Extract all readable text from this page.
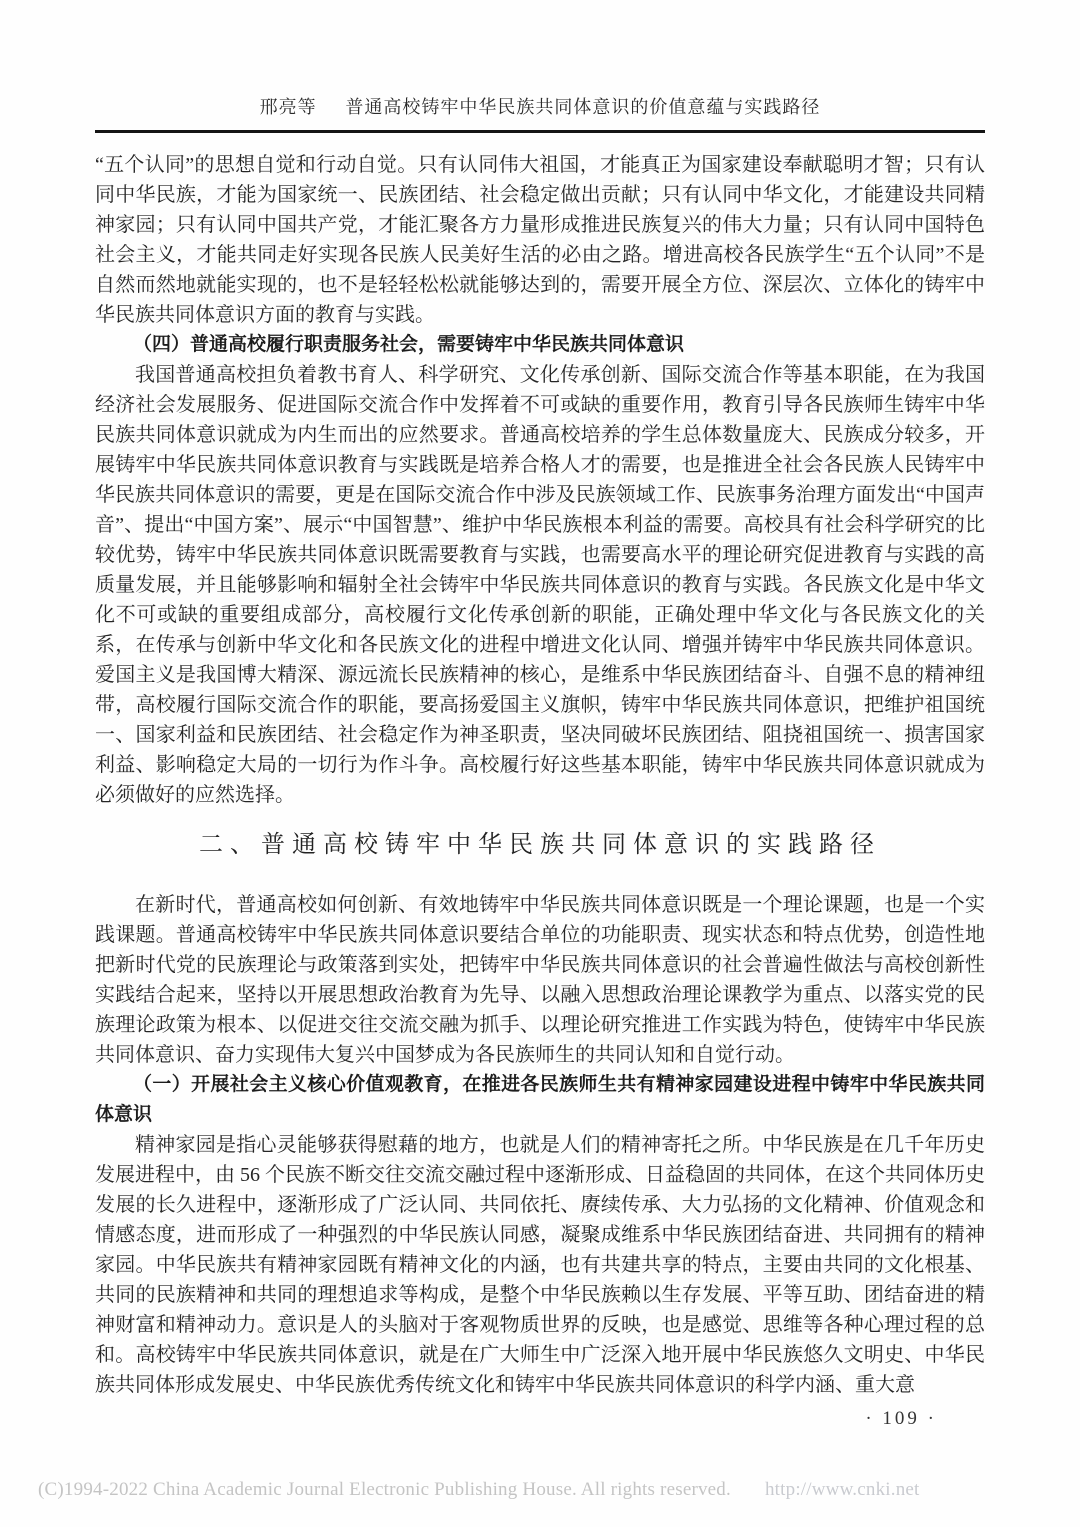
邢亮等 普通高校铸牢中华民族共同体意识的价值意蕴与实践路径

“五个认同”的思想自觉和行动自觉。只有认同伟大祖国，才能真正为国家建设奉献聪明才智；只有认同中华民族，才能为国家统一、民族团结、社会稳定做出贡献；只有认同中华文化，才能建设共同精神家园；只有认同中国共产党，才能汇聚各方力量形成推进民族复兴的伟大力量；只有认同中国特色社会主义，才能共同走好实现各民族人民美好生活的必由之路。增进高校各民族学生“五个认同”不是自然而然地就能实现的，也不是轻轻松松就能够达到的，需要开展全方位、深层次、立体化的铸牢中华民族共同体意识方面的教育与实践。

（四）普通高校履行职责服务社会，需要铸牢中华民族共同体意识

我国普通高校担负着教书育人、科学研究、文化传承创新、国际交流合作等基本职能，在为我国经济社会发展服务、促进国际交流合作中发挥着不可或缺的重要作用，教育引导各民族师生铸牢中华民族共同体意识就成为内生而出的应然要求。普通高校培养的学生总体数量庞大、民族成分较多，开展铸牢中华民族共同体意识教育与实践既是培养合格人才的需要，也是推进全社会各民族人民铸牢中华民族共同体意识的需要，更是在国际交流合作中涉及民族领域工作、民族事务治理方面发出“中国声音”、提出“中国方案”、展示“中国智慧”、维护中华民族根本利益的需要。高校具有社会科学研究的比较优势，铸牢中华民族共同体意识既需要教育与实践，也需要高水平的理论研究促进教育与实践的高质量发展，并且能够影响和辐射全社会铸牢中华民族共同体意识的教育与实践。各民族文化是中华文化不可或缺的重要组成部分，高校履行文化传承创新的职能，正确处理中华文化与各民族文化的关系，在传承与创新中华文化和各民族文化的进程中增进文化认同、增强并铸牢中华民族共同体意识。爱国主义是我国博大精深、源远流长民族精神的核心，是维系中华民族团结奋斗、自强不息的精神纽带，高校履行国际交流合作的职能，要高扬爱国主义旗帜，铸牢中华民族共同体意识，把维护祖国统一、国家利益和民族团结、社会稳定作为神圣职责，坚决同破坏民族团结、阻挠祖国统一、损害国家利益、影响稳定大局的一切行为作斗争。高校履行好这些基本职能，铸牢中华民族共同体意识就成为必须做好的应然选择。

二、普通高校铸牢中华民族共同体意识的实践路径

在新时代，普通高校如何创新、有效地铸牢中华民族共同体意识既是一个理论课题，也是一个实践课题。普通高校铸牢中华民族共同体意识要结合单位的功能职责、现实状态和特点优势，创造性地把新时代党的民族理论与政策落到实处，把铸牢中华民族共同体意识的社会普遍性做法与高校创新性实践结合起来，坚持以开展思想政治教育为先导、以融入思想政治理论课教学为重点、以落实党的民族理论政策为根本、以促进交往交流交融为抓手、以理论研究推进工作实践为特色，使铸牢中华民族共同体意识、奋力实现伟大复兴中国梦成为各民族师生的共同认知和自觉行动。

（一）开展社会主义核心价值观教育，在推进各民族师生共有精神家园建设进程中铸牢中华民族共同体意识

精神家园是指心灵能够获得慰藉的地方，也就是人们的精神寄托之所。中华民族是在几千年历史发展进程中，由 56 个民族不断交往交流交融过程中逐渐形成、日益稳固的共同体，在这个共同体历史发展的长久进程中，逐渐形成了广泛认同、共同依托、赓续传承、大力弘扬的文化精神、价值观念和情感态度，进而形成了一种强烈的中华民族认同感，凝聚成维系中华民族团结奋进、共同拥有的精神家园。中华民族共有精神家园既有精神文化的内涵，也有共建共享的特点，主要由共同的文化根基、共同的民族精神和共同的理想追求等构成，是整个中华民族赖以生存发展、平等互助、团结奋进的精神财富和精神动力。意识是人的头脑对于客观物质世界的反映，也是感觉、思维等各种心理过程的总和。高校铸牢中华民族共同体意识，就是在广大师生中广泛深入地开展中华民族悠久文明史、中华民族共同体形成发展史、中华民族优秀传统文化和铸牢中华民族共同体意识的科学内涵、重大意

· 109 ·
(C)1994-2022 China Academic Journal Electronic Publishing House. All rights reserved. http://www.cnki.net
